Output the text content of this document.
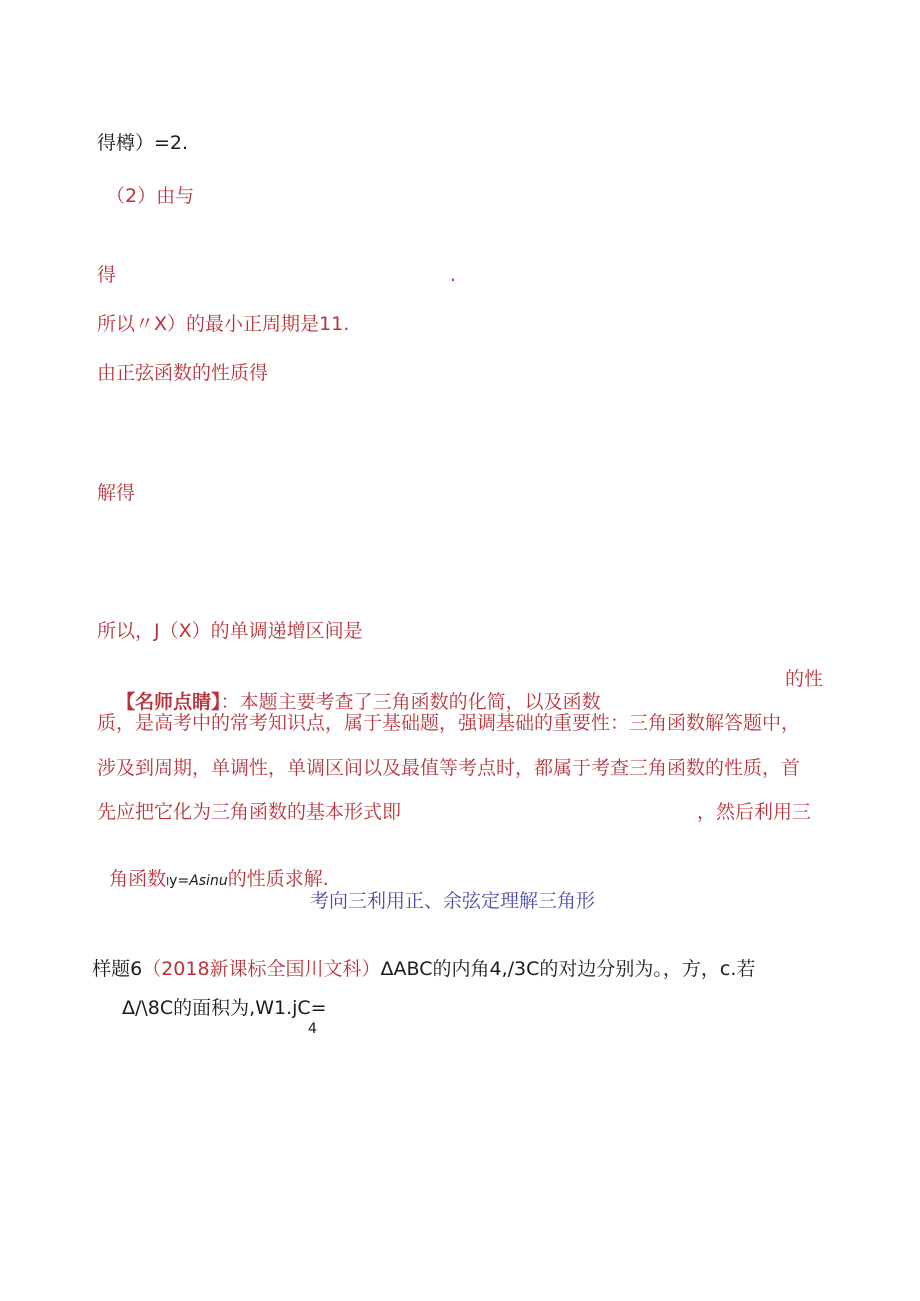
得樽）=2.
（2）由与
得	.
所以〃X）的最小正周期是11.
由正弦函数的性质得
解得
所以，J（X）的单调递增区间是

【名师点睛】：本题主要考查了三角函数的化简，以及函数

的性
质，是高考中的常考知识点，属于基础题，强调基础的重要性：三角函数解答题中，
涉及到周期，单调性，单调区间以及最值等考点时，都属于考查三角函数的性质，首
先应把它化为三角函数的基本形式即	，然后利用三

角函数ly=Asinu的性质求解.

考向三利用正、余弦定理解三角形

样题6（2018新课标全国川文科）ΔABC的内角4,/3C的对边分别为。，方，c.若

Δ/\8C的面积为,W1.jC=
4
